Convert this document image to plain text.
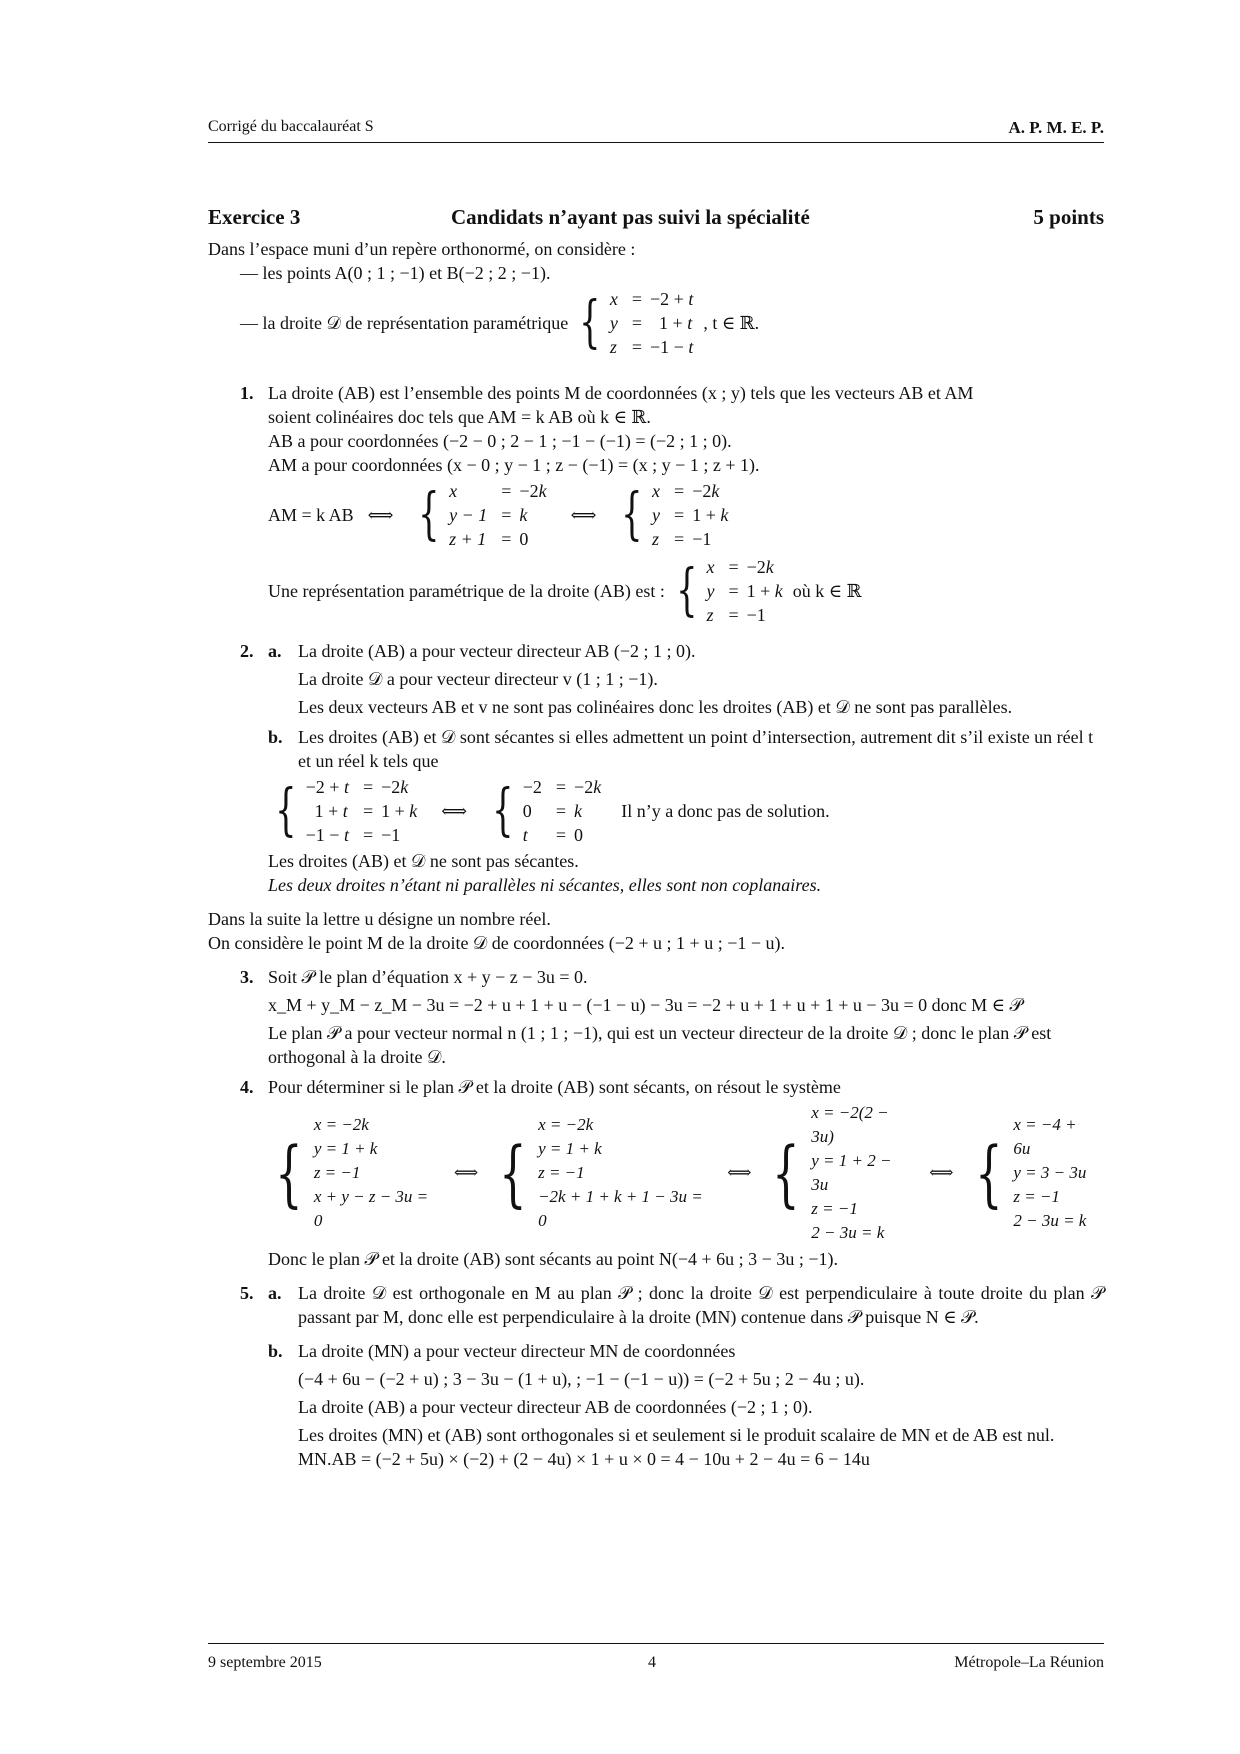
Corrigé du baccalauréat S	A. P. M. E. P.
Exercice 3	Candidats n’ayant pas suivi la spécialité	5 points

Dans l’espace muni d’un repère orthonormé, on considère :

— les points A(0 ; 1 ; −1) et B(−2 ; 2 ; −1).

— la droite 𝒟 de représentation paramétrique { x	=	−2 + t
y	=	1 + t
z	=	−1 − t
, t ∈ ℝ.
1. La droite (AB) est l’ensemble des points M de coordonnées (x ; y) tels que les vecteurs AB et AM

soient colinéaires doc tels que AM = k AB où k ∈ ℝ.

AB a pour coordonnées (−2 − 0 ; 2 − 1 ; −1 − (−1) = (−2 ; 1 ; 0).

AM a pour coordonnées (x − 0 ; y − 1 ; z − (−1) = (x ; y − 1 ; z + 1).

AM = k AB ⟺ { x	=	−2k
y − 1	=	k
z + 1	=	0
⟺ { x	=	−2k
y	=	1 + k
z	=	−1
Une représentation paramétrique de la droite (AB) est : { x	=	−2k
y	=	1 + k
z	=	−1
où k ∈ ℝ
2. a. La droite (AB) a pour vecteur directeur AB (−2 ; 1 ; 0).

La droite 𝒟 a pour vecteur directeur v (1 ; 1 ; −1).

Les deux vecteurs AB et v ne sont pas colinéaires donc les droites (AB) et 𝒟 ne sont pas parallèles.

b. Les droites (AB) et 𝒟 sont sécantes si elles admettent un point d’intersection, autrement dit s’il existe un réel t et un réel k tels que

{ −2 + t	=	−2k
1 + t	=	1 + k
−1 − t	=	−1
⟺ { −2	=	−2k
0	=	k
t	=	0
Il n’y a donc pas de solution.

Les droites (AB) et 𝒟 ne sont pas sécantes.

Les deux droites n’étant ni parallèles ni sécantes, elles sont non coplanaires.

Dans la suite la lettre u désigne un nombre réel.

On considère le point M de la droite 𝒟 de coordonnées (−2 + u ; 1 + u ; −1 − u).

3. Soit 𝒫 le plan d’équation x + y − z − 3u = 0.

x_M + y_M − z_M − 3u = −2 + u + 1 + u − (−1 − u) − 3u = −2 + u + 1 + u + 1 + u − 3u = 0 donc M ∈ 𝒫

Le plan 𝒫 a pour vecteur normal n (1 ; 1 ; −1), qui est un vecteur directeur de la droite 𝒟 ; donc le plan 𝒫 est orthogonal à la droite 𝒟.

4. Pour déterminer si le plan 𝒫 et la droite (AB) sont sécants, on résout le système

{
x = −2k
y = 1 + k
z = −1
x + y − z − 3u = 0
⟺ {
x = −2k
y = 1 + k
z = −1
−2k + 1 + k + 1 − 3u = 0
⟺ {
x = −2(2 − 3u)
y = 1 + 2 − 3u
z = −1
2 − 3u = k
⟺ {
x = −4 + 6u
y = 3 − 3u
z = −1
2 − 3u = k

Donc le plan 𝒫 et la droite (AB) sont sécants au point N(−4 + 6u ; 3 − 3u ; −1).

5. a. La droite 𝒟 est orthogonale en M au plan 𝒫 ; donc la droite 𝒟 est perpendiculaire à toute droite du plan 𝒫 passant par M, donc elle est perpendiculaire à la droite (MN) contenue dans 𝒫 puisque N ∈ 𝒫.

b. La droite (MN) a pour vecteur directeur MN de coordonnées

(−4 + 6u − (−2 + u) ; 3 − 3u − (1 + u), ; −1 − (−1 − u)) = (−2 + 5u ; 2 − 4u ; u).

La droite (AB) a pour vecteur directeur AB de coordonnées (−2 ; 1 ; 0).

Les droites (MN) et (AB) sont orthogonales si et seulement si le produit scalaire de MN et de AB est nul.

MN.AB = (−2 + 5u) × (−2) + (2 − 4u) × 1 + u × 0 = 4 − 10u + 2 − 4u = 6 − 14u

9 septembre 2015	4	Métropole–La Réunion
